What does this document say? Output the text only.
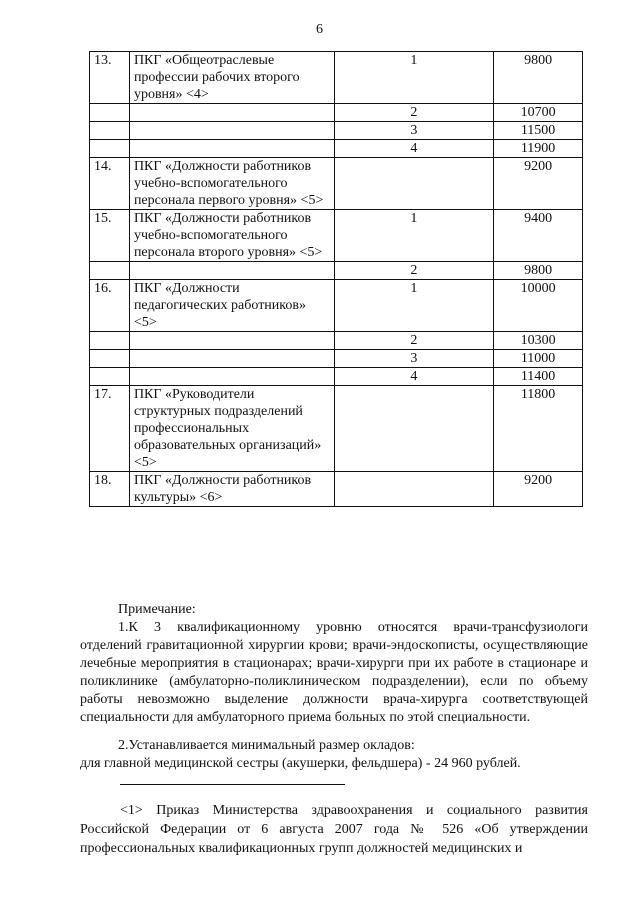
6
13.	ПКГ «Общеотраслевые профессии рабочих второго уровня» <4>	1	9800
		2	10700
		3	11500
		4	11900
14.	ПКГ «Должности работников учебно-вспомогательного персонала первого уровня» <5>		9200
15.	ПКГ «Должности работников учебно-вспомогательного персонала второго уровня» <5>	1	9400
		2	9800
16.	ПКГ «Должности педагогических работников» <5>	1	10000
		2	10300
		3	11000
		4	11400
17.	ПКГ «Руководители структурных подразделений профессиональных образовательных организаций» <5>		11800
18.	ПКГ «Должности работников культуры» <6>		9200
Примечание:
1.К 3 квалификационному уровню относятся врачи-трансфузиологи отделений гравитационной хирургии крови; врачи-эндоскописты, осуществляющие лечебные мероприятия в стационарах; врачи-хирурги при их работе в стационаре и поликлинике (амбулаторно-поликлиническом подразделении), если по объему работы невозможно выделение должности врача-хирурга соответствующей специальности для амбулаторного приема больных по этой специальности.
2.Устанавливается минимальный размер окладов:
для главной медицинской сестры (акушерки, фельдшера) - 24 960 рублей.
<1> Приказ Министерства здравоохранения и социального развития Российской Федерации от 6 августа 2007 года № 526 «Об утверждении профессиональных квалификационных групп должностей медицинских и
